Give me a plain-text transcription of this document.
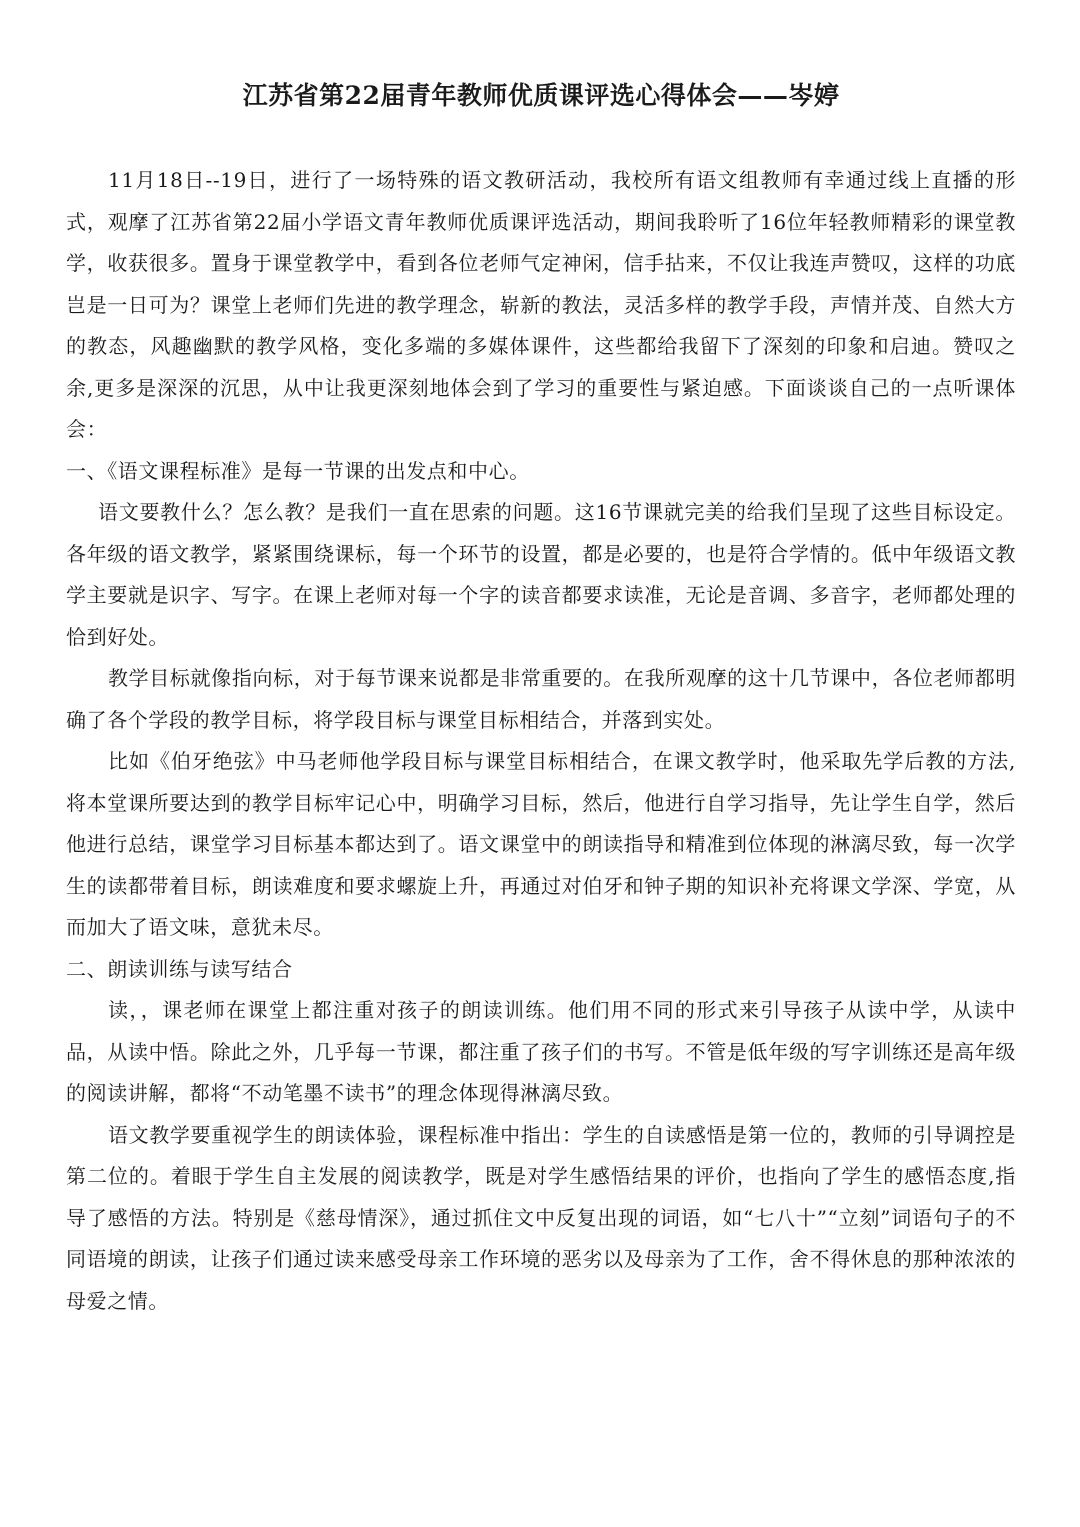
江苏省第22届青年教师优质课评选心得体会——岑婷

11月18日--19日，进行了一场特殊的语文教研活动，我校所有语文组教师有幸通过线上直播的形式，观摩了江苏省第22届小学语文青年教师优质课评选活动，期间我聆听了16位年轻教师精彩的课堂教学，收获很多。置身于课堂教学中，看到各位老师气定神闲，信手拈来，不仅让我连声赞叹，这样的功底岂是一日可为？课堂上老师们先进的教学理念，崭新的教法，灵活多样的教学手段，声情并茂、自然大方的教态，风趣幽默的教学风格，变化多端的多媒体课件，这些都给我留下了深刻的印象和启迪。赞叹之余,更多是深深的沉思，从中让我更深刻地体会到了学习的重要性与紧迫感。下面谈谈自己的一点听课体会：

一、《语文课程标准》是每一节课的出发点和中心。

语文要教什么？怎么教？是我们一直在思索的问题。这16节课就完美的给我们呈现了这些目标设定。各年级的语文教学，紧紧围绕课标，每一个环节的设置，都是必要的，也是符合学情的。低中年级语文教学主要就是识字、写字。在课上老师对每一个字的读音都要求读准，无论是音调、多音字，老师都处理的恰到好处。

教学目标就像指向标，对于每节课来说都是非常重要的。在我所观摩的这十几节课中，各位老师都明确了各个学段的教学目标，将学段目标与课堂目标相结合，并落到实处。

比如《伯牙绝弦》中马老师他学段目标与课堂目标相结合，在课文教学时，他采取先学后教的方法,将本堂课所要达到的教学目标牢记心中，明确学习目标，然后，他进行自学习指导，先让学生自学，然后他进行总结，课堂学习目标基本都达到了。语文课堂中的朗读指导和精准到位体现的淋漓尽致，每一次学生的读都带着目标，朗读难度和要求螺旋上升，再通过对伯牙和钟子期的知识补充将课文学深、学宽，从而加大了语文味，意犹未尽。

二、朗读训练与读写结合

读，，课老师在课堂上都注重对孩子的朗读训练。他们用不同的形式来引导孩子从读中学，从读中品，从读中悟。除此之外，几乎每一节课，都注重了孩子们的书写。不管是低年级的写字训练还是高年级的阅读讲解，都将“不动笔墨不读书”的理念体现得淋漓尽致。

语文教学要重视学生的朗读体验，课程标准中指出：学生的自读感悟是第一位的，教师的引导调控是第二位的。着眼于学生自主发展的阅读教学，既是对学生感悟结果的评价，也指向了学生的感悟态度,指导了感悟的方法。特别是《慈母情深》，通过抓住文中反复出现的词语，如“七八十”“立刻”词语句子的不同语境的朗读，让孩子们通过读来感受母亲工作环境的恶劣以及母亲为了工作，舍不得休息的那种浓浓的母爱之情。
